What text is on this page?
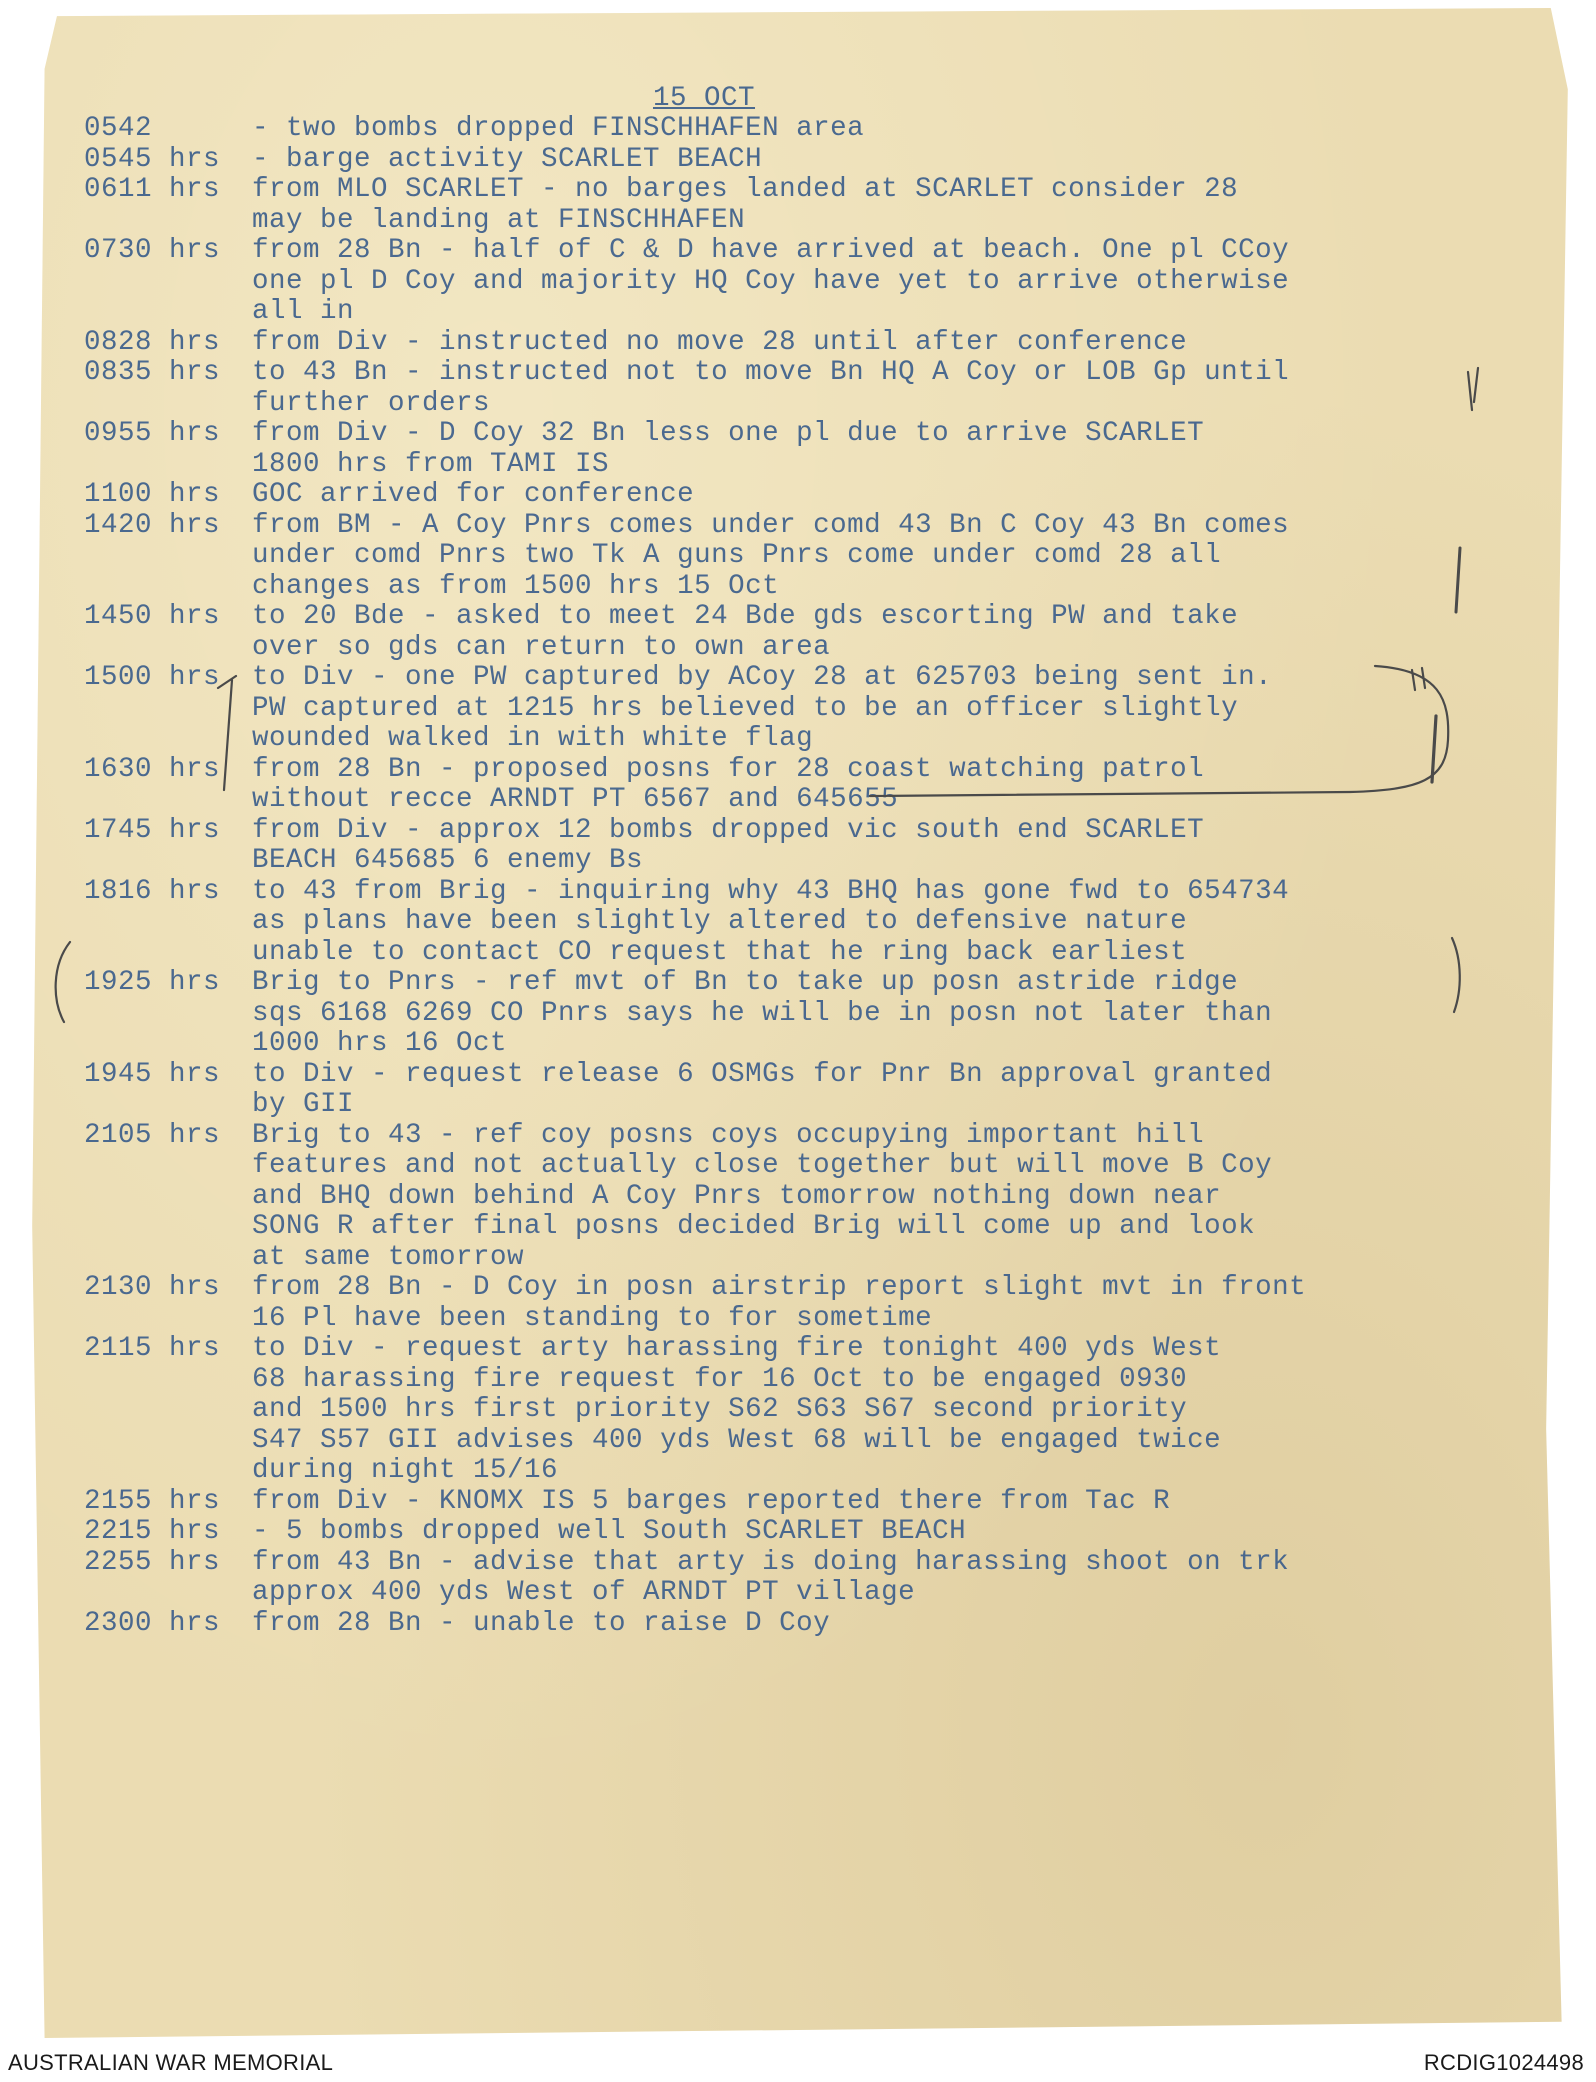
15 OCT
0542	- two bombs dropped FINSCHHAFEN area
0545 hrs	- barge activity SCARLET BEACH
0611 hrs	from MLO SCARLET - no barges landed at SCARLET consider 28
may be landing at FINSCHHAFEN
0730 hrs	from 28 Bn - half of C & D have arrived at beach. One pl CCoy
one pl D Coy and majority HQ Coy have yet to arrive otherwise
all in
0828 hrs	from Div - instructed no move 28 until after conference
0835 hrs	to 43 Bn - instructed not to move Bn HQ A Coy or LOB Gp until
further orders
0955 hrs	from Div - D Coy 32 Bn less one pl due to arrive SCARLET
1800 hrs from TAMI IS
1100 hrs	GOC arrived for conference
1420 hrs	from BM - A Coy Pnrs comes under comd 43 Bn C Coy 43 Bn comes
under comd Pnrs two Tk A guns Pnrs come under comd 28 all
changes as from 1500 hrs 15 Oct
1450 hrs	to 20 Bde - asked to meet 24 Bde gds escorting PW and take
over so gds can return to own area
1500 hrs	to Div - one PW captured by ACoy 28 at 625703 being sent in.
PW captured at 1215 hrs believed to be an officer slightly
wounded walked in with white flag
1630 hrs	from 28 Bn - proposed posns for 28 coast watching patrol
without recce ARNDT PT 6567 and 645655
1745 hrs	from Div - approx 12 bombs dropped vic south end SCARLET
BEACH 645685 6 enemy Bs
1816 hrs	to 43 from Brig - inquiring why 43 BHQ has gone fwd to 654734
as plans have been slightly altered to defensive nature
unable to contact CO request that he ring back earliest
1925 hrs	Brig to Pnrs - ref mvt of Bn to take up posn astride ridge
sqs 6168 6269 CO Pnrs says he will be in posn not later than
1000 hrs 16 Oct
1945 hrs	to Div - request release 6 OSMGs for Pnr Bn approval granted
by GII
2105 hrs	Brig to 43 - ref coy posns coys occupying important hill
features and not actually close together but will move B Coy
and BHQ down behind A Coy Pnrs tomorrow nothing down near
SONG R after final posns decided Brig will come up and look
at same tomorrow
2130 hrs	from 28 Bn - D Coy in posn airstrip report slight mvt in front
16 Pl have been standing to for sometime
2115 hrs	to Div - request arty harassing fire tonight 400 yds West
68 harassing fire request for 16 Oct to be engaged 0930
and 1500 hrs first priority S62 S63 S67 second priority
S47 S57 GII advises 400 yds West 68 will be engaged twice
during night 15/16
2155 hrs	from Div - KNOMX IS 5 barges reported there from Tac R
2215 hrs	- 5 bombs dropped well South SCARLET BEACH
2255 hrs	from 43 Bn - advise that arty is doing harassing shoot on trk
approx 400 yds West of ARNDT PT village
2300 hrs	from 28 Bn - unable to raise D Coy
AUSTRALIAN WAR MEMORIAL	RCDIG1024498
